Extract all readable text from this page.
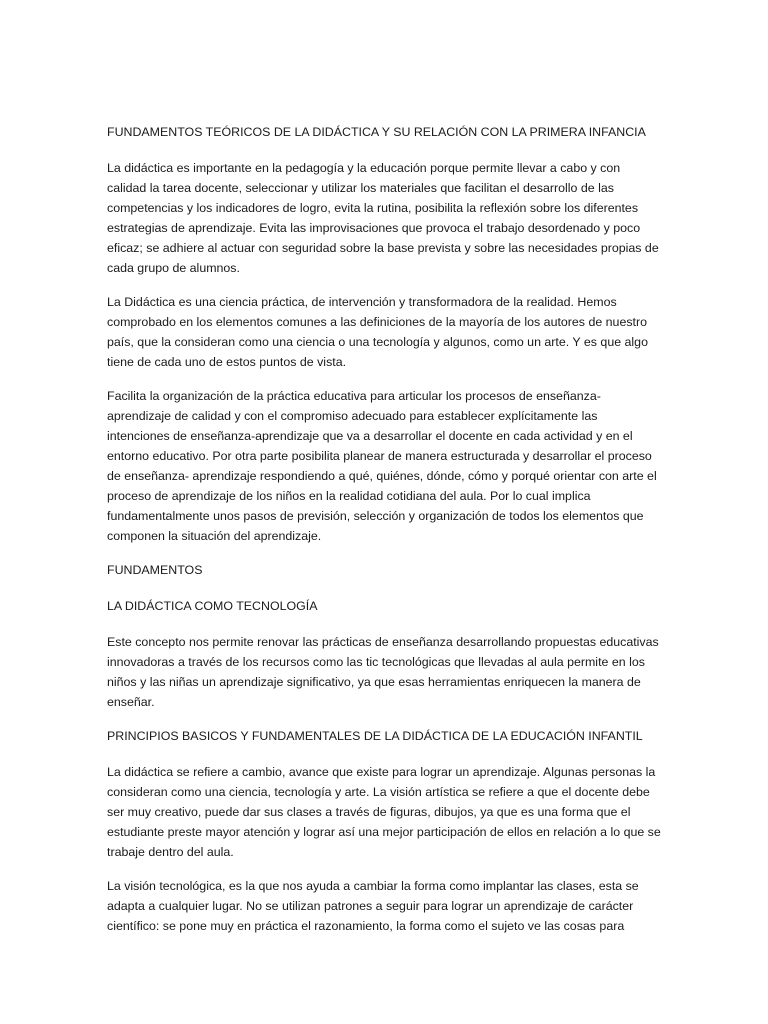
FUNDAMENTOS TEÓRICOS DE LA DIDÁCTICA Y SU RELACIÓN CON LA PRIMERA INFANCIA

La didáctica es importante en la pedagogía y la educación porque permite llevar a cabo y con calidad la tarea docente, seleccionar y utilizar los materiales que facilitan el desarrollo de las competencias y los indicadores de logro, evita la rutina, posibilita la reflexión sobre los diferentes estrategias de aprendizaje. Evita las improvisaciones que provoca el trabajo desordenado y poco eficaz; se adhiere al actuar con seguridad sobre la base prevista y sobre las necesidades propias de cada grupo de alumnos.

La Didáctica es una ciencia práctica, de intervención y transformadora de la realidad. Hemos comprobado en los elementos comunes a las definiciones de la mayoría de los autores de nuestro país, que la consideran como una ciencia o una tecnología y algunos, como un arte. Y es que algo tiene de cada uno de estos puntos de vista.

Facilita la organización de la práctica educativa para articular los procesos de enseñanza-aprendizaje de calidad y con el compromiso adecuado para establecer explícitamente las intenciones de enseñanza-aprendizaje que va a desarrollar el docente en cada actividad y en el entorno educativo. Por otra parte posibilita planear de manera estructurada y desarrollar el proceso de enseñanza- aprendizaje respondiendo a qué, quiénes, dónde, cómo y porqué orientar con arte el proceso de aprendizaje de los niños en la realidad cotidiana del aula. Por lo cual implica fundamentalmente unos pasos de previsión, selección y organización de todos los elementos que componen la situación del aprendizaje.

FUNDAMENTOS

LA DIDÁCTICA COMO TECNOLOGÍA

Este concepto nos permite renovar las prácticas de enseñanza desarrollando propuestas educativas innovadoras a través de los recursos como las tic tecnológicas que llevadas al aula permite en los niños y las niñas un aprendizaje significativo, ya que esas herramientas enriquecen la manera de enseñar.

PRINCIPIOS BASICOS Y FUNDAMENTALES DE LA DIDÁCTICA DE LA EDUCACIÓN INFANTIL

La didáctica se refiere a cambio, avance que existe para lograr un aprendizaje. Algunas personas la consideran como una ciencia, tecnología y arte. La visión artística se refiere a que el docente debe ser muy creativo, puede dar sus clases a través de figuras, dibujos, ya que es una forma que el estudiante preste mayor atención y lograr así una mejor participación de ellos en relación a lo que se trabaje dentro del aula.

La visión tecnológica, es la que nos ayuda a cambiar la forma como implantar las clases, esta se adapta a cualquier lugar. No se utilizan patrones a seguir para lograr un aprendizaje de carácter científico: se pone muy en práctica el razonamiento, la forma como el sujeto ve las cosas para
